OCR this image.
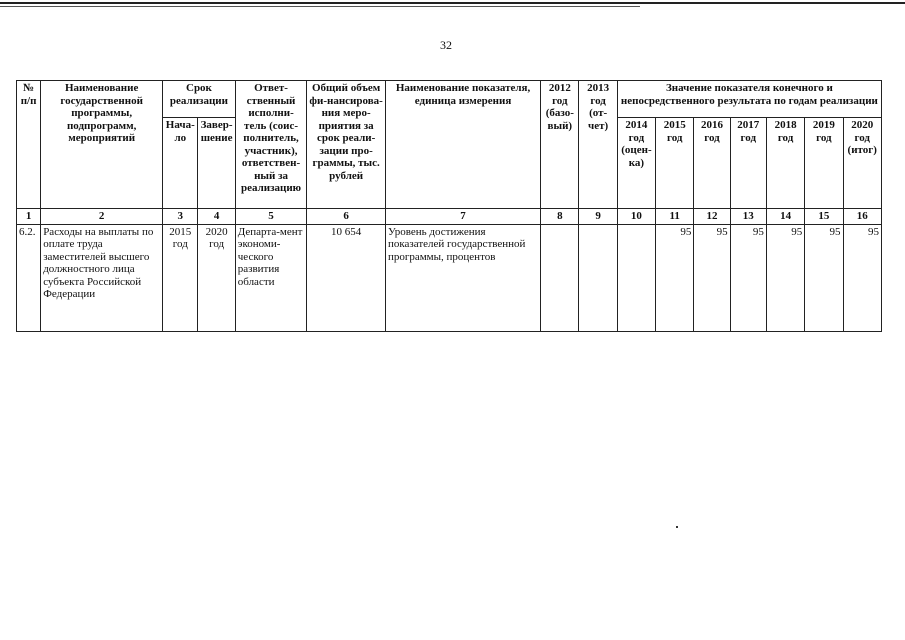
32
№ п/п	Наименование государственной программы, подпрограмм, мероприятий	Срок реализации		Ответ-ственный исполни-тель (соис-полнитель, участник), ответствен-ный за реализацию	Общий объем фи-нансирова-ния меро-приятия за срок реали-зации про-граммы, тыс. рублей	Наименование показателя, единица измерения	2012 год (базо-вый)	2013 год (от-чет)	Значение показателя конечного и непосредственного результата по годам реализации						
		Нача-ло	Завер-шение						2014 год (оцен-ка)	2015 год	2016 год	2017 год	2018 год	2019 год	2020 год (итог)
1	2	3	4	5	6	7	8	9	10	11	12	13	14	15	16
6.2.	Расходы на выплаты по оплате труда заместителей высшего должностного лица субъекта Российской Федерации	2015 год	2020 год	Департа-мент экономи-ческого развития области	10 654	Уровень достижения показателей государственной программы, процентов				95	95	95	95	95	95
